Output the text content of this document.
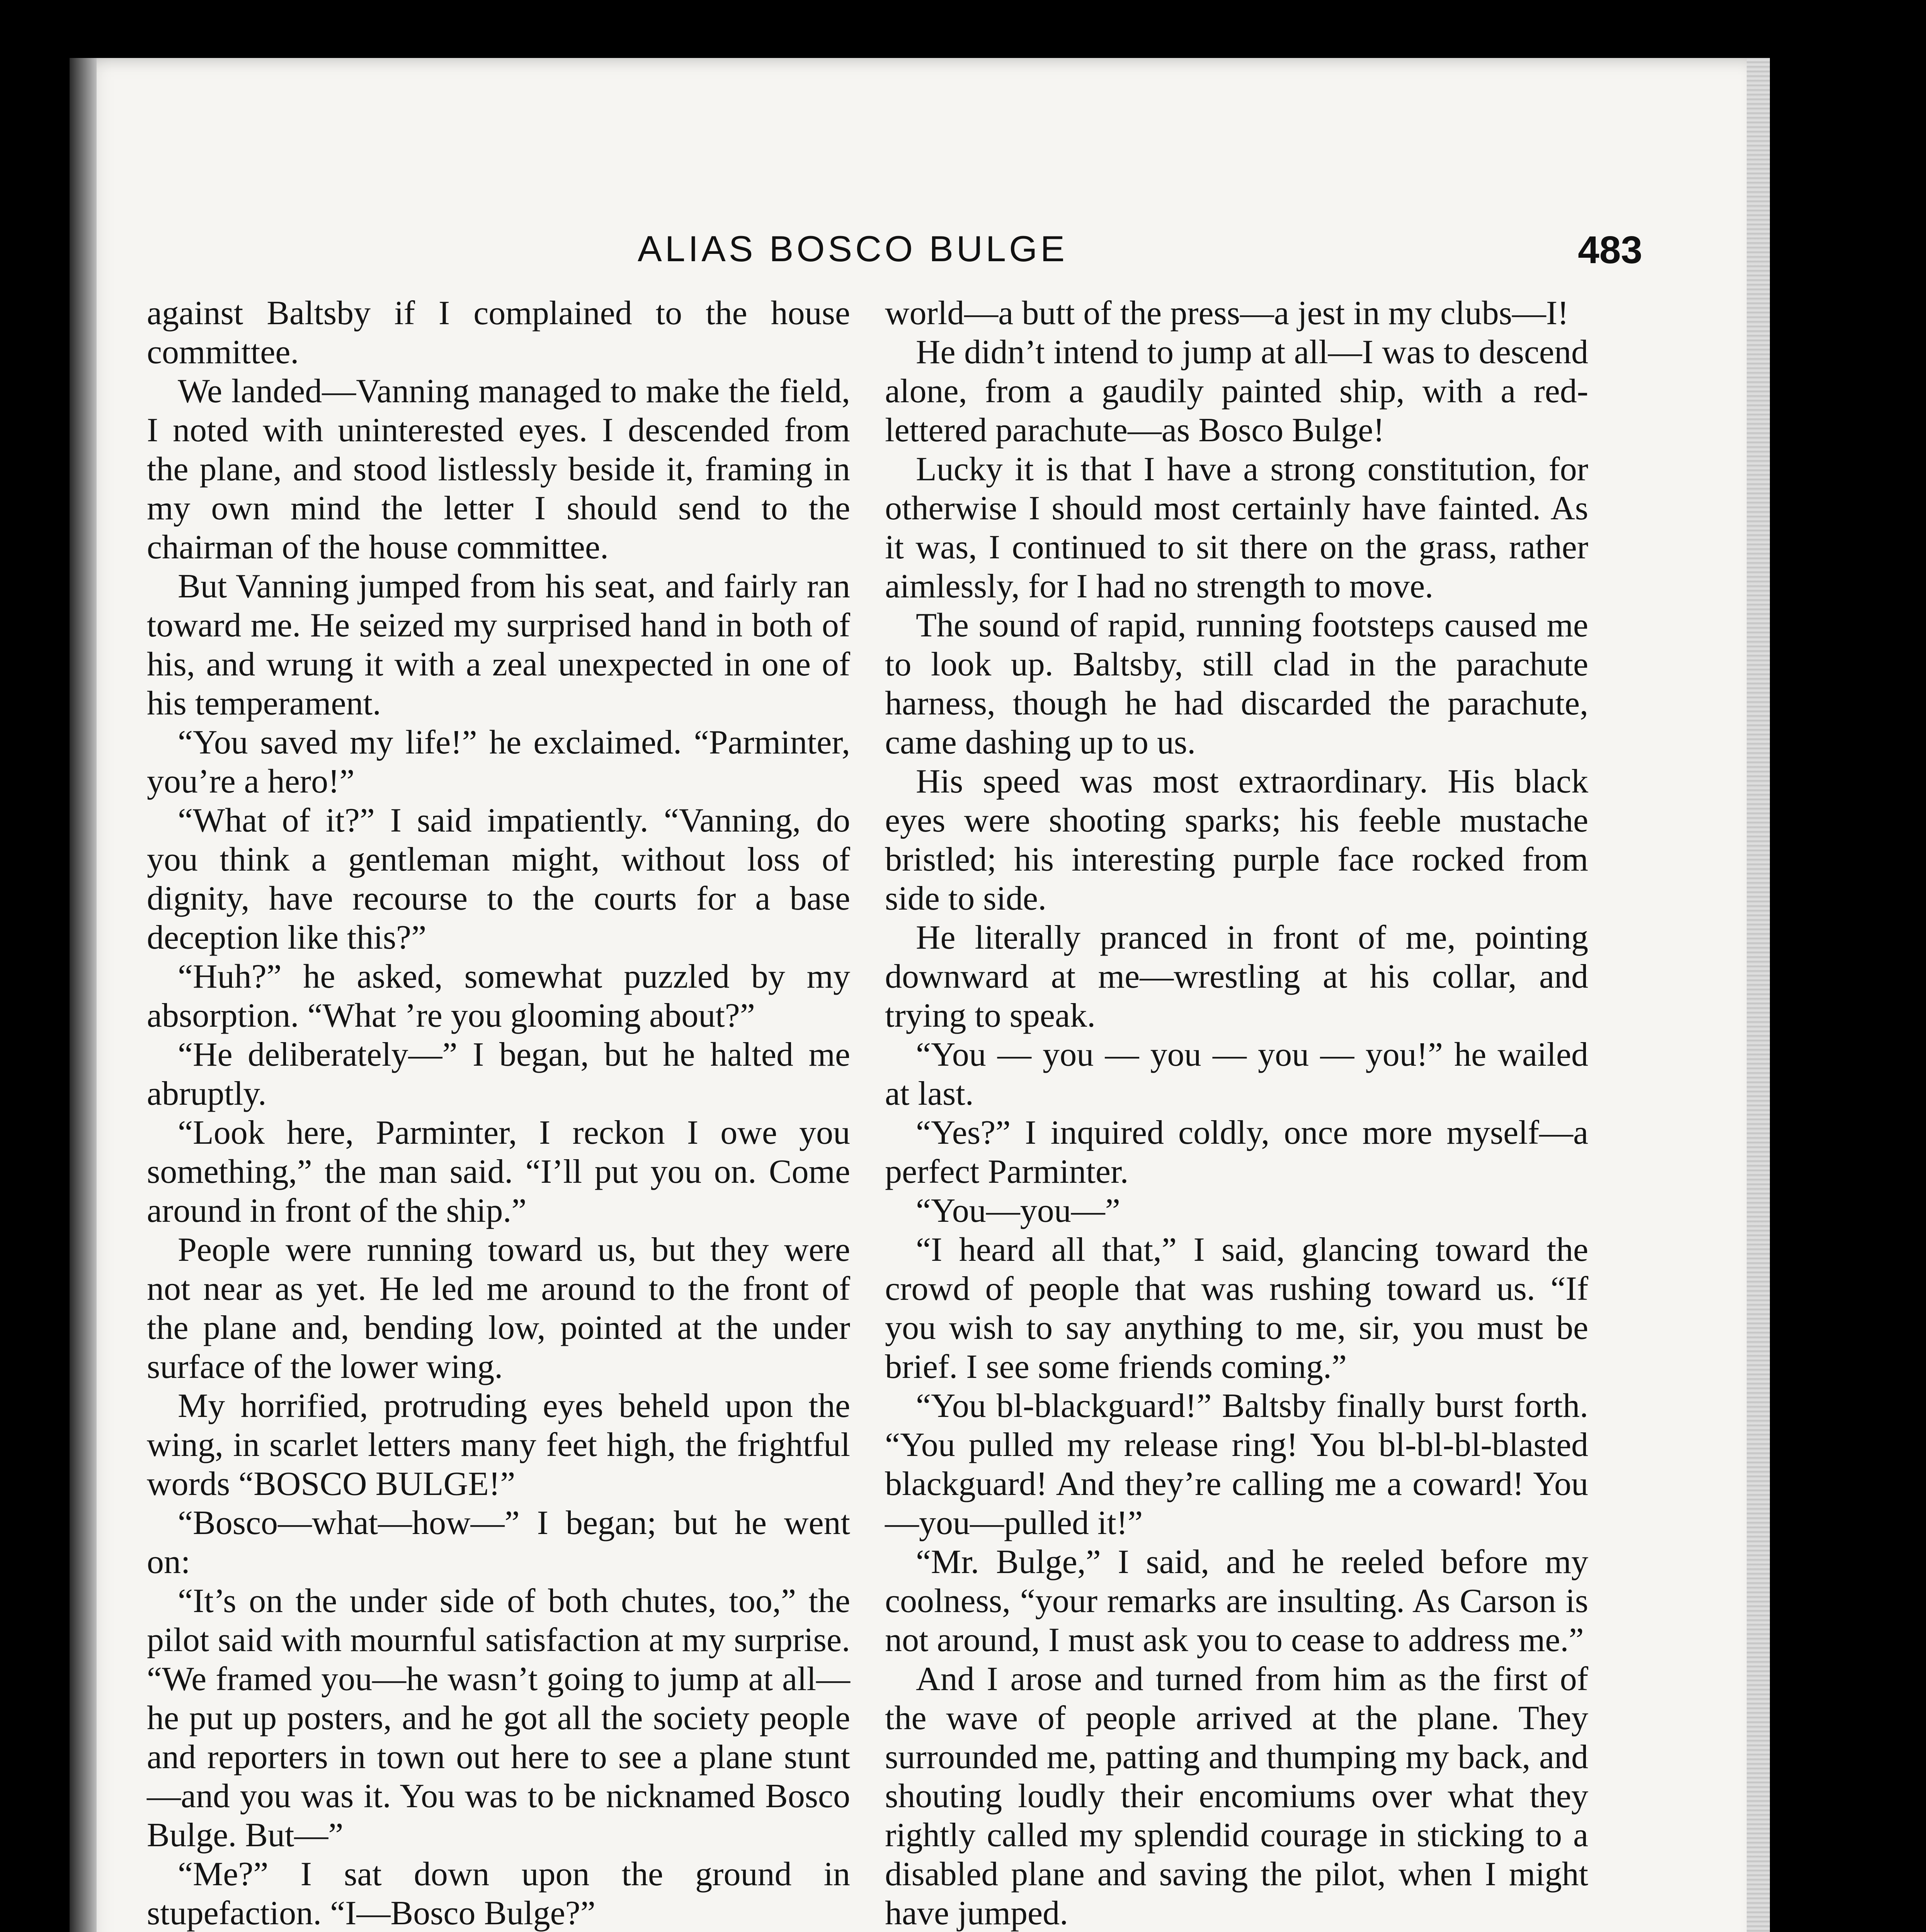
ALIAS BOSCO BULGE	483

against Baltsby if I complained to the house committee.

We landed—Vanning managed to make the field, I noted with uninterested eyes. I descended from the plane, and stood listlessly beside it, framing in my own mind the letter I should send to the chairman of the house committee.

But Vanning jumped from his seat, and fairly ran toward me. He seized my surprised hand in both of his, and wrung it with a zeal unexpected in one of his temperament.

“You saved my life!” he exclaimed. “Parminter, you’re a hero!”

“What of it?” I said impatiently. “Vanning, do you think a gentleman might, without loss of dignity, have recourse to the courts for a base deception like this?”

“Huh?” he asked, somewhat puzzled by my absorption. “What ’re you glooming about?”

“He deliberately—” I began, but he halted me abruptly.

“Look here, Parminter, I reckon I owe you something,” the man said. “I’ll put you on. Come around in front of the ship.”

People were running toward us, but they were not near as yet. He led me around to the front of the plane and, bending low, pointed at the under surface of the lower wing.

My horrified, protruding eyes beheld upon the wing, in scarlet letters many feet high, the frightful words “BOSCO BULGE!”

“Bosco—what—how—” I began; but he went on:

“It’s on the under side of both chutes, too,” the pilot said with mournful satisfaction at my surprise. “We framed you—he wasn’t going to jump at all—he put up posters, and he got all the society people and reporters in town out here to see a plane stunt—and you was it. You was to be nicknamed Bosco Bulge. But—”

“Me?” I sat down upon the ground in stupefaction. “I—Bosco Bulge?”

world—a butt of the press—a jest in my clubs—I!

He didn’t intend to jump at all—I was to descend alone, from a gaudily painted ship, with a red-lettered parachute—as Bosco Bulge!

Lucky it is that I have a strong constitution, for otherwise I should most certainly have fainted. As it was, I continued to sit there on the grass, rather aimlessly, for I had no strength to move.

The sound of rapid, running footsteps caused me to look up. Baltsby, still clad in the parachute harness, though he had discarded the parachute, came dashing up to us.

His speed was most extraordinary. His black eyes were shooting sparks; his feeble mustache bristled; his interesting purple face rocked from side to side.

He literally pranced in front of me, pointing downward at me—wrestling at his collar, and trying to speak.

“You — you — you — you — you!” he wailed at last.

“Yes?” I inquired coldly, once more myself—a perfect Parminter.

“You—you—”

“I heard all that,” I said, glancing toward the crowd of people that was rushing toward us. “If you wish to say anything to me, sir, you must be brief. I see some friends coming.”

“You bl-blackguard!” Baltsby finally burst forth. “You pulled my release ring! You bl-bl-bl-blasted blackguard! And they’re calling me a coward! You—you—pulled it!”

“Mr. Bulge,” I said, and he reeled before my coolness, “your remarks are insulting. As Carson is not around, I must ask you to cease to address me.”

And I arose and turned from him as the first of the wave of people arrived at the plane. They surrounded me, patting and thumping my back, and shouting loudly their encomiums over what they rightly called my splendid courage in sticking to a disabled plane and saving the pilot, when I might have jumped.
